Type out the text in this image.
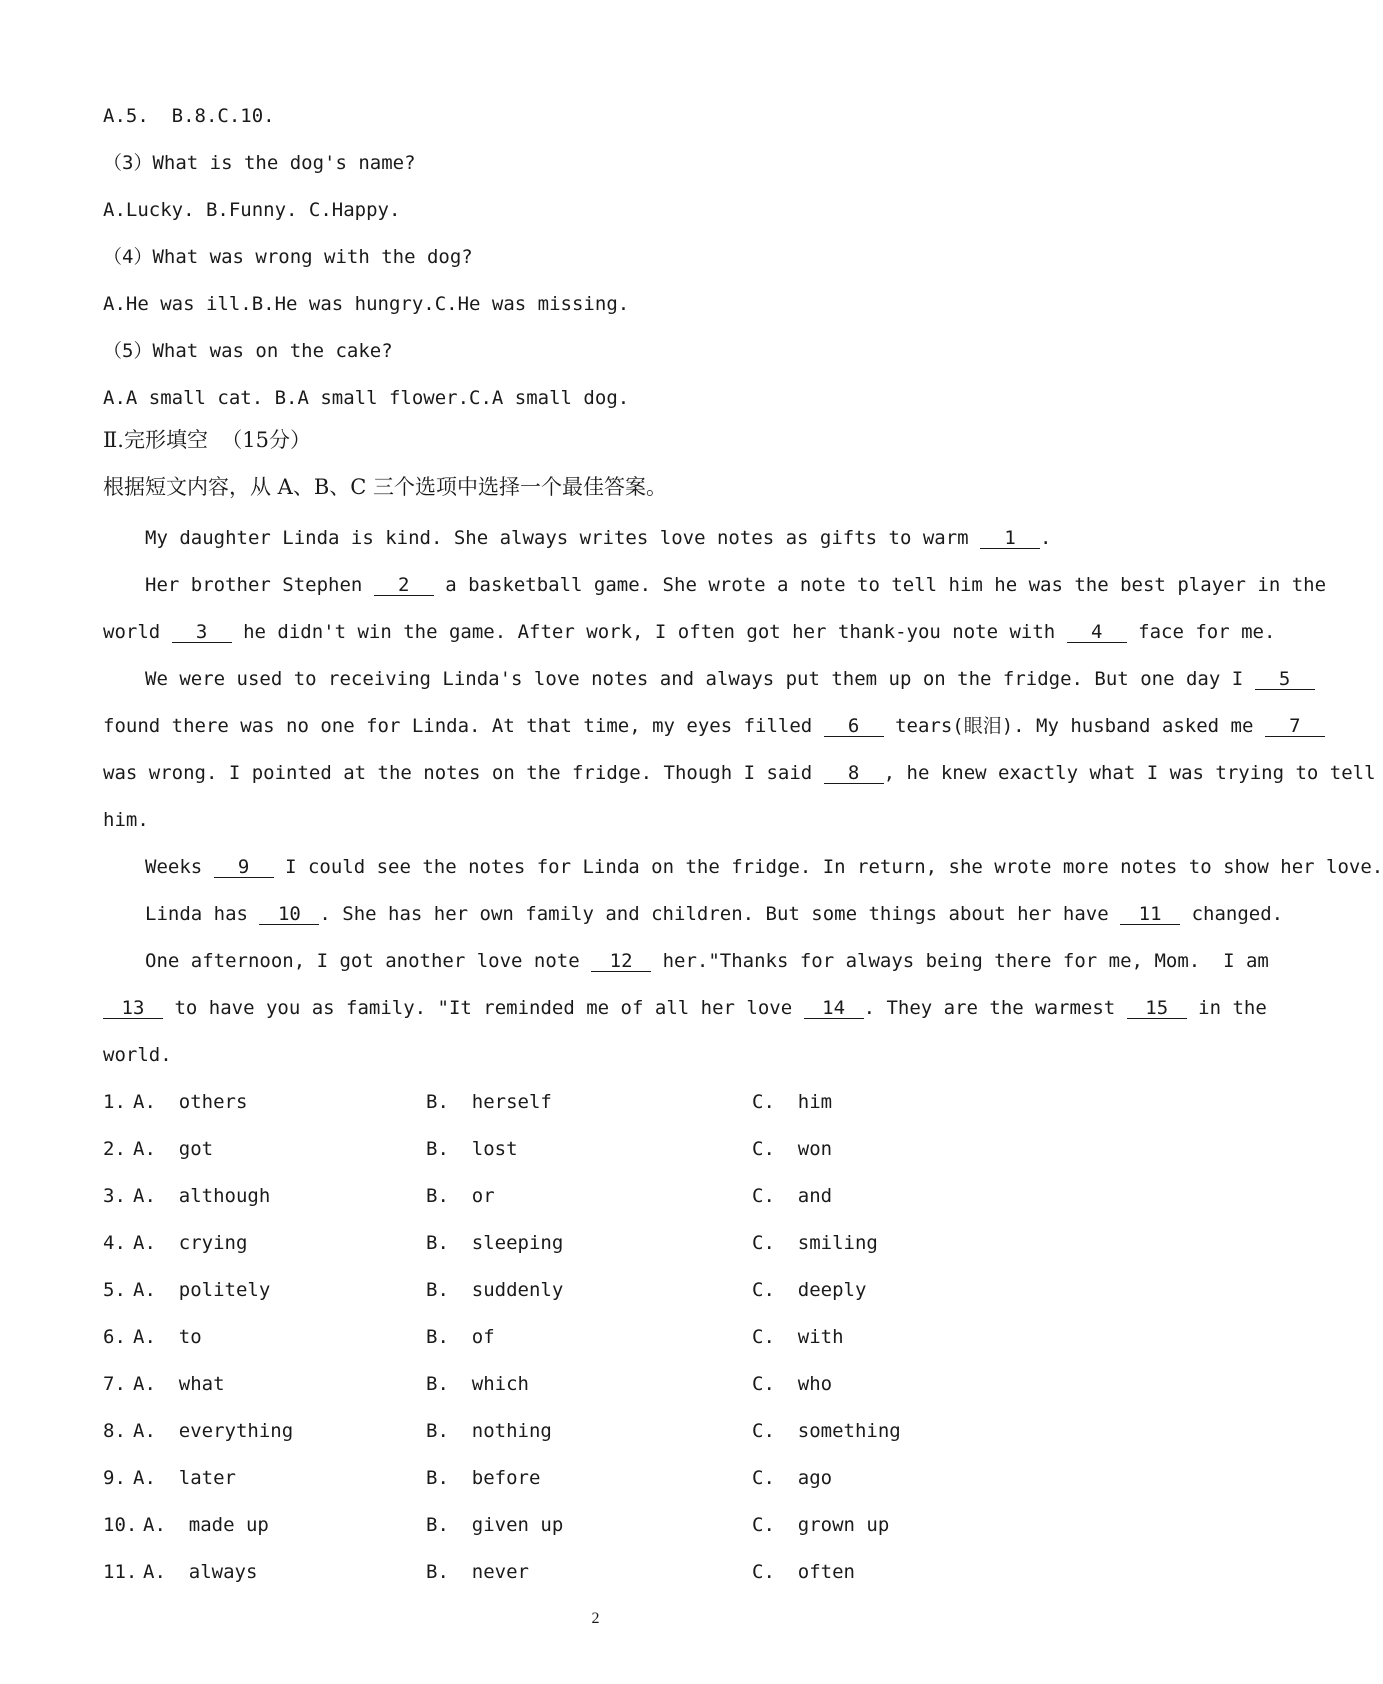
A.5.  B.8.C.10.
（3）What is the dog's name?
A.Lucky. B.Funny. C.Happy.
（4）What was wrong with the dog?
A.He was ill.B.He was hungry.C.He was missing.
（5）What was on the cake?
A.A small cat. B.A small flower.C.A small dog.
Ⅱ.完形填空  （15分）
根据短文内容，从 A、B、C 三个选项中选择一个最佳答案。
My daughter Linda is kind. She always writes love notes as gifts to warm 1 .
Her brother Stephen 2 a basketball game. She wrote a note to tell him he was the best player in the
world 3 he didn't win the game. After work, I often got her thank-you note with 4 face for me.
We were used to receiving Linda's love notes and always put them up on the fridge. But one day I 5
found there was no one for Linda. At that time, my eyes filled 6 tears(眼泪). My husband asked me 7
was wrong. I pointed at the notes on the fridge. Though I said 8 , he knew exactly what I was trying to tell
him.
Weeks 9 I could see the notes for Linda on the fridge. In return, she wrote more notes to show her love.
Linda has 10 . She has her own family and children. But some things about her have 11 changed.
One afternoon, I got another love note 12 her."Thanks for always being there for me, Mom.  I am
13 to have you as family. "It reminded me of all her love 14 . They are the warmest 15 in the
world.
1. A.  others	B.  herself	C.  him
2. A.  got	B.  lost	C.  won
3. A.  although	B.  or	C.  and
4. A.  crying	B.  sleeping	C.  smiling
5. A.  politely	B.  suddenly	C.  deeply
6. A.  to	B.  of	C.  with
7. A.  what	B.  which	C.  who
8. A.  everything	B.  nothing	C.  something
9. A.  later	B.  before	C.  ago
10. A.  made up	B.  given up	C.  grown up
11. A.  always	B.  never	C.  often
2
